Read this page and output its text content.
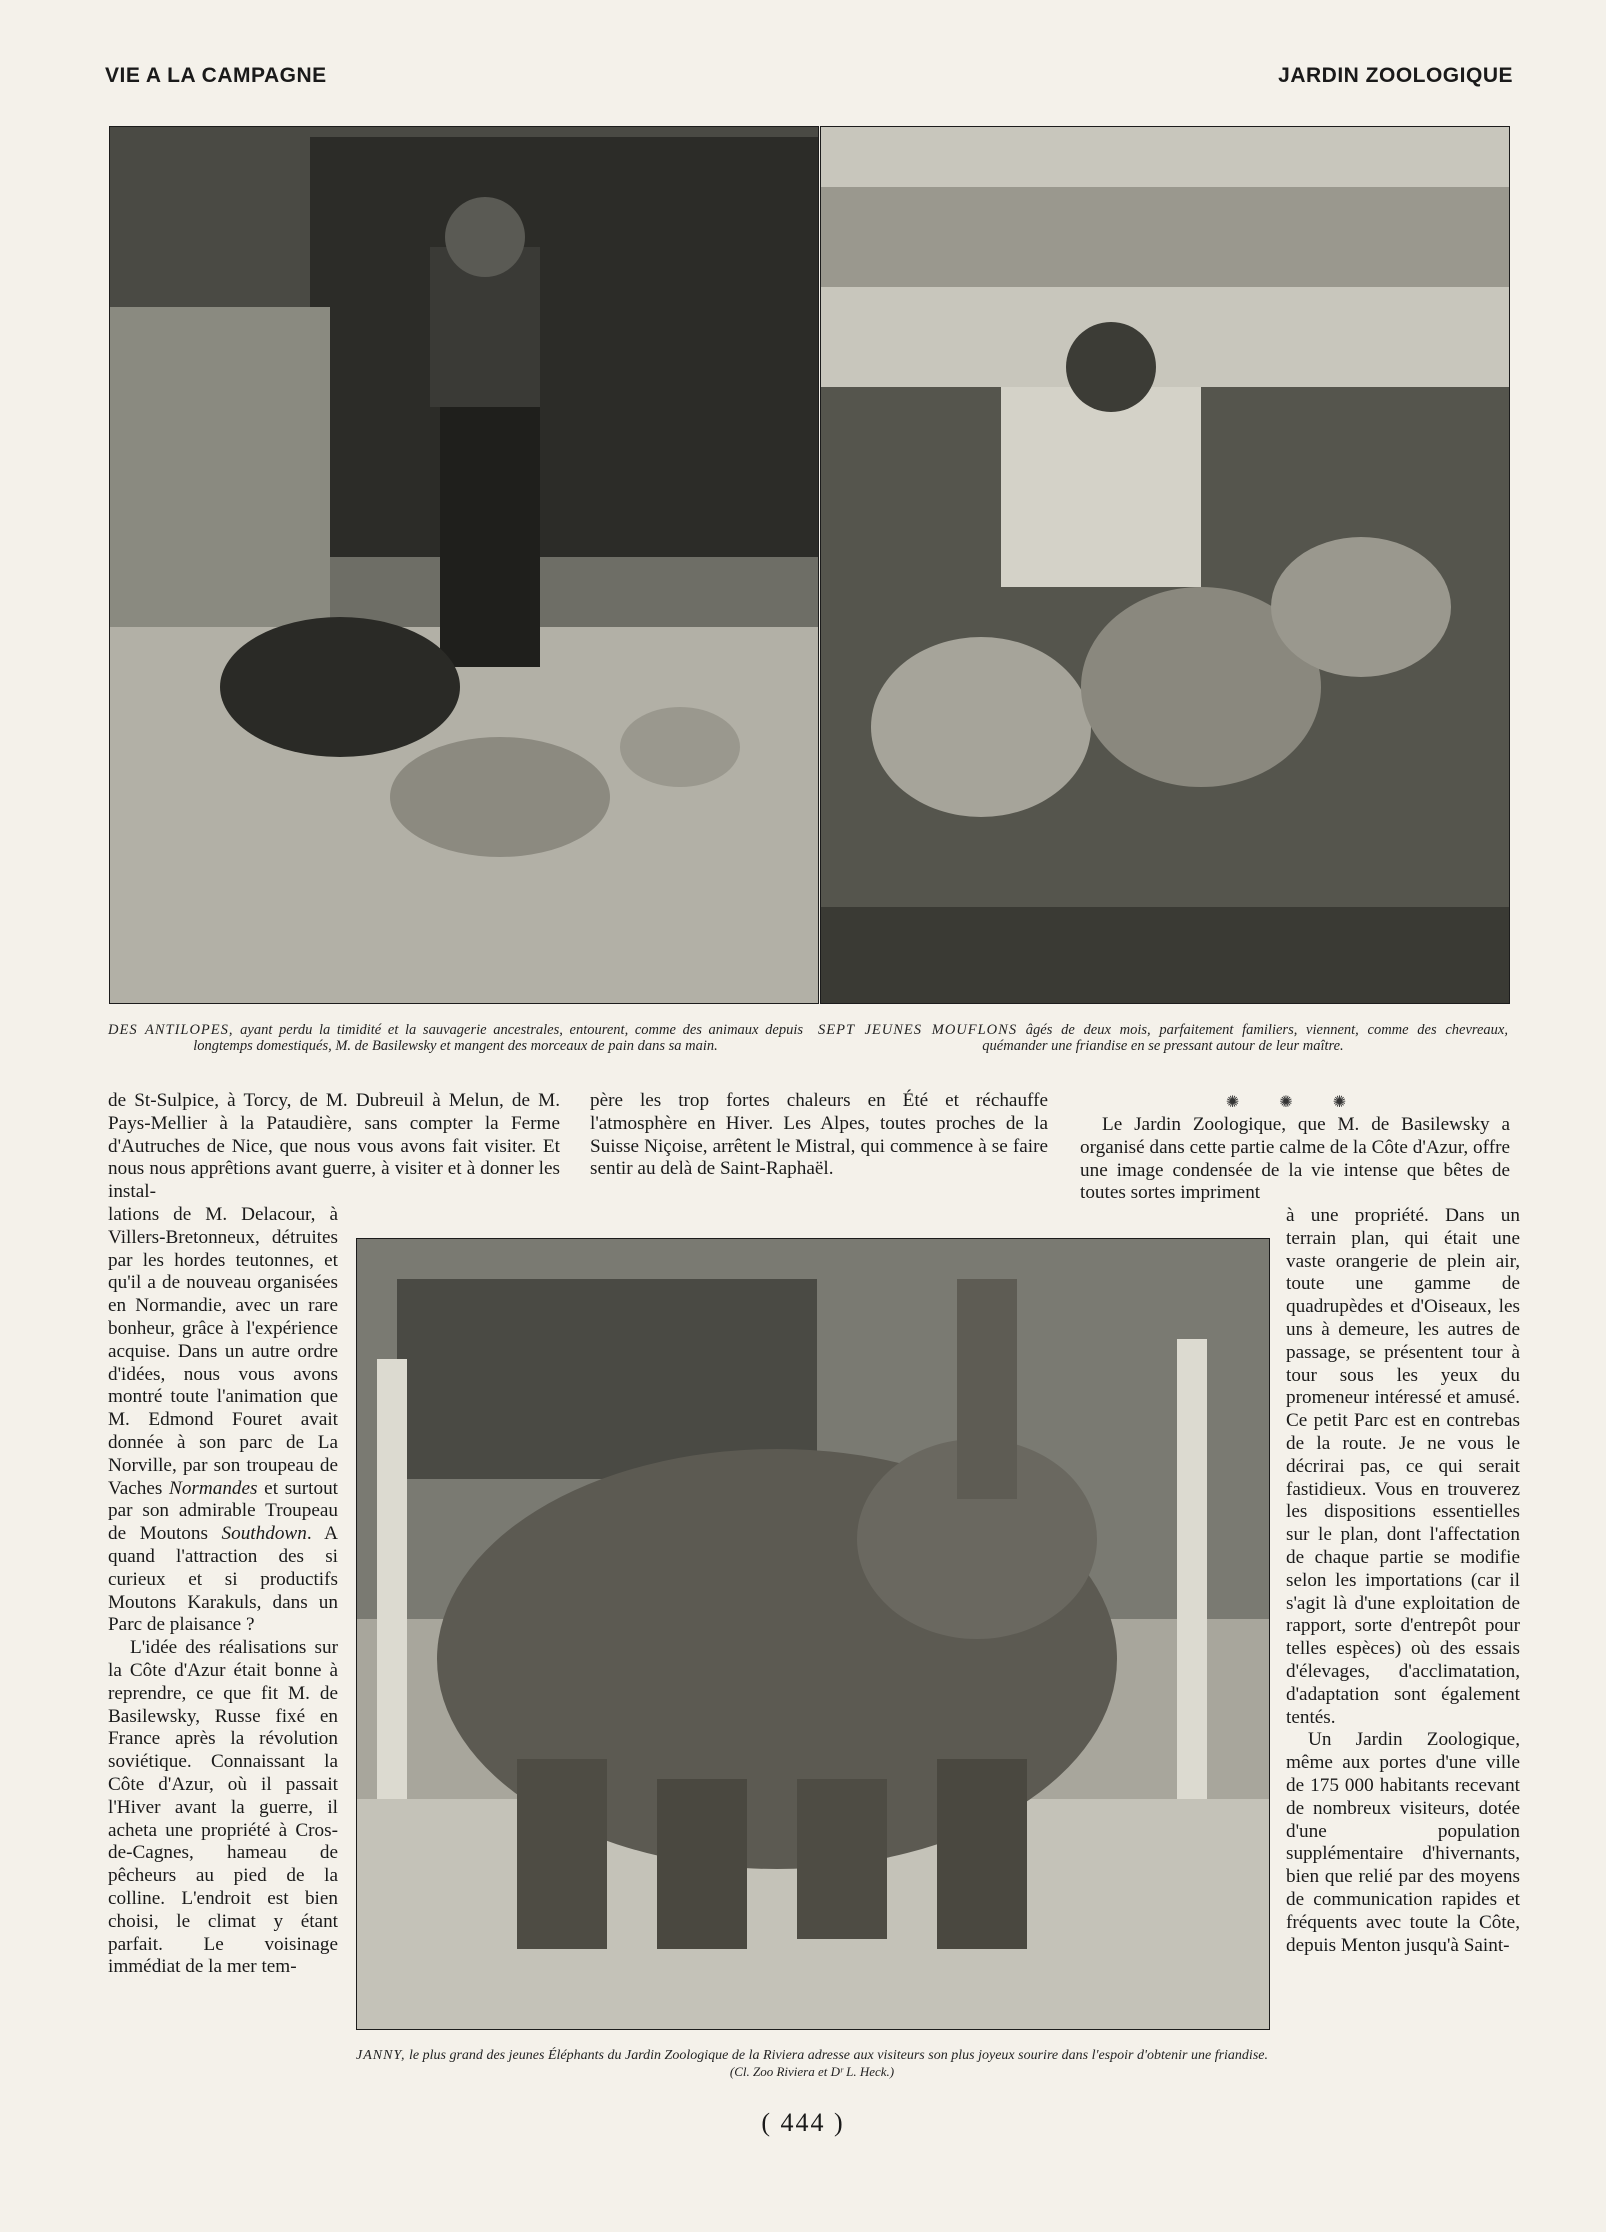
VIE A LA CAMPAGNE	JARDIN ZOOLOGIQUE
DES ANTILOPES, ayant perdu la timidité et la sauvagerie ancestrales, entourent, comme des animaux depuis longtemps domestiqués, M. de Basilewsky et mangent des morceaux de pain dans sa main.
SEPT JEUNES MOUFLONS âgés de deux mois, parfaitement familiers, viennent, comme des chevreaux, quémander une friandise en se pressant autour de leur maître.

de St-Sulpice, à Torcy, de M. Dubreuil à Melun, de M. Pays-Mellier à la Pataudière, sans compter la Ferme d'Autruches de Nice, que nous vous avons fait visiter. Et nous nous apprêtions avant guerre, à visiter et à donner les instal-

lations de M. Delacour, à Villers-Bretonneux, détruites par les hordes teutonnes, et qu'il a de nouveau organisées en Normandie, avec un rare bonheur, grâce à l'expérience acquise. Dans un autre ordre d'idées, nous vous avons montré toute l'animation que M. Edmond Fouret avait donnée à son parc de La Norville, par son troupeau de Vaches Normandes et surtout par son admirable Troupeau de Moutons Southdown. A quand l'attraction des si curieux et si productifs Moutons Karakuls, dans un Parc de plaisance ?

L'idée des réalisations sur la Côte d'Azur était bonne à reprendre, ce que fit M. de Basilewsky, Russe fixé en France après la révolution soviétique. Connaissant la Côte d'Azur, où il passait l'Hiver avant la guerre, il acheta une propriété à Cros-de-Cagnes, hameau de pêcheurs au pied de la colline. L'endroit est bien choisi, le climat y étant parfait. Le voisinage immédiat de la mer tem-

père les trop fortes chaleurs en Été et réchauffe l'atmosphère en Hiver. Les Alpes, toutes proches de la Suisse Niçoise, arrêtent le Mistral, qui commence à se faire sentir au delà de Saint-Raphaël.

✺ ✺ ✺

Le Jardin Zoologique, que M. de Basilewsky a organisé dans cette partie calme de la Côte d'Azur, offre une image condensée de la vie intense que bêtes de toutes sortes impriment

à une propriété. Dans un terrain plan, qui était une vaste orangerie de plein air, toute une gamme de quadrupèdes et d'Oiseaux, les uns à demeure, les autres de passage, se présentent tour à tour sous les yeux du promeneur intéressé et amusé. Ce petit Parc est en contrebas de la route. Je ne vous le décrirai pas, ce qui serait fastidieux. Vous en trouverez les dispositions essentielles sur le plan, dont l'affectation de chaque partie se modifie selon les importations (car il s'agit là d'une exploitation de rapport, sorte d'entrepôt pour telles espèces) où des essais d'élevages, d'acclimatation, d'adaptation sont également tentés.

Un Jardin Zoologique, même aux portes d'une ville de 175 000 habitants recevant de nombreux visiteurs, dotée d'une population supplémentaire d'hivernants, bien que relié par des moyens de communication rapides et fréquents avec toute la Côte, depuis Menton jusqu'à Saint-

JANNY, le plus grand des jeunes Éléphants du Jardin Zoologique de la Riviera adresse aux visiteurs son plus joyeux sourire dans l'espoir d'obtenir une friandise. (Cl. Zoo Riviera et Dʳ L. Heck.)
( 444 )
